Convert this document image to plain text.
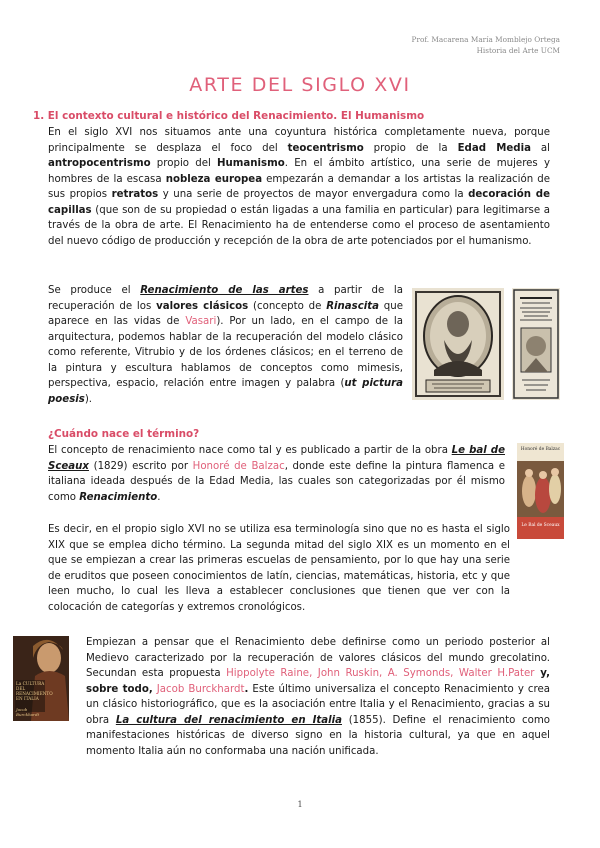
Prof. Macarena María Momblejo Ortega
Historia del Arte UCM
ARTE DEL SIGLO XVI
1. El contexto cultural e histórico del Renacimiento. El Humanismo
En el siglo XVI nos situamos ante una coyuntura histórica completamente nueva, porque principalmente se desplaza el foco del teocentrismo propio de la Edad Media al antropocentrismo propio del Humanismo. En el ámbito artístico, una serie de mujeres y hombres de la escasa nobleza europea empezarán a demandar a los artistas la realización de sus propios retratos y una serie de proyectos de mayor envergadura como la decoración de capillas (que son de su propiedad o están ligadas a una familia en particular) para legitimarse a través de la obra de arte. El Renacimiento ha de entenderse como el proceso de asentamiento del nuevo código de producción y recepción de la obra de arte potenciados por el humanismo.
Se produce el Renacimiento de las artes a partir de la recuperación de los valores clásicos (concepto de Rinascita que aparece en las vidas de Vasari). Por un lado, en el campo de la arquitectura, podemos hablar de la recuperación del modelo clásico como referente, Vitrubio y de los órdenes clásicos; en el terreno de la pintura y escultura hablamos de conceptos como mimesis, perspectiva, espacio, relación entre imagen y palabra (ut pictura poesis).
¿Cuándo nace el término?
El concepto de renacimiento nace como tal y es publicado a partir de la obra Le bal de Sceaux (1829) escrito por Honoré de Balzac, donde este define la pintura flamenca e italiana ideada después de la Edad Media, las cuales son categorizadas por él mismo como Renacimiento.
Honoré de Balzac
Le Bal de Sceaux
Es decir, en el propio siglo XVI no se utiliza esa terminología sino que no es hasta el siglo XIX que se emplea dicho término. La segunda mitad del siglo XIX es un momento en el que se empiezan a crear las primeras escuelas de pensamiento, por lo que hay una serie de eruditos que poseen conocimientos de latín, ciencias, matemáticas, historia, etc y que leen mucho, lo cual les lleva a establecer conclusiones que tienen que ver con la colocación de categorías y extremos cronológicos.
La CULTURA DEL RENACIMIENTO EN ITALIA
Jacob Burckhardt
Empiezan a pensar que el Renacimiento debe definirse como un periodo posterior al Medievo caracterizado por la recuperación de valores clásicos del mundo grecolatino. Secundan esta propuesta Hippolyte Raine, John Ruskin, A. Symonds, Walter H.Pater y, sobre todo, Jacob Burckhardt. Este último universaliza el concepto Renacimiento y crea un clásico historiográfico, que es la asociación entre Italia y el Renacimiento, gracias a su obra La cultura del renacimiento en Italia (1855). Define el renacimiento como manifestaciones históricas de diverso signo en la historia cultural, ya que en aquel momento Italia aún no conformaba una nación unificada.
1
